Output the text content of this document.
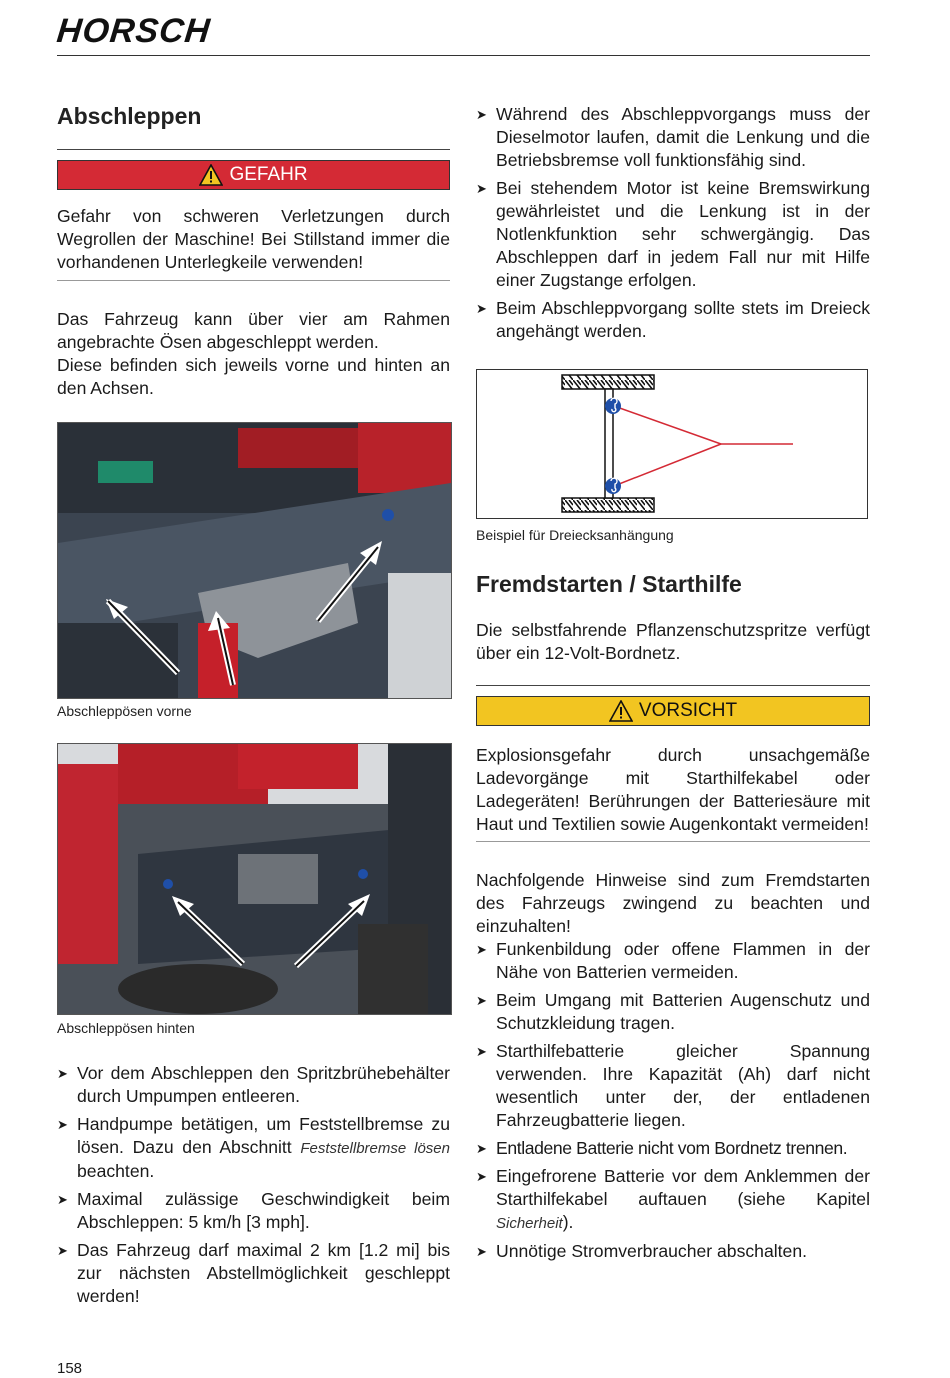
HORSCH
Abschleppen
GEFAHR
Gefahr von schweren Verletzungen durch Wegrollen der Maschine! Bei Stillstand immer die vorhandenen Unterlegkeile verwenden!
Das Fahrzeug kann über vier am Rahmen angebrachte Ösen abgeschleppt werden.
Diese befinden sich jeweils vorne und hinten an den Achsen.
Abschleppösen vorne
Abschleppösen hinten
➤ Vor dem Abschleppen den Spritzbrühebehälter durch Umpumpen entleeren.
➤ Handpumpe betätigen, um Feststellbremse zu lösen. Dazu den Abschnitt Feststellbremse lösen beachten.
➤ Maximal zulässige Geschwindigkeit beim Abschleppen: 5 km/h [3 mph].
➤ Das Fahrzeug darf maximal 2 km [1.2 mi] bis zur nächsten Abstellmöglichkeit geschleppt werden!
➤ Während des Abschleppvorgangs muss der Dieselmotor laufen, damit die Lenkung und die Betriebsbremse voll funktionsfähig sind.
➤ Bei stehendem Motor ist keine Bremswirkung gewährleistet und die Lenkung ist in der Notlenkfunktion sehr schwergängig. Das Abschleppen darf in jedem Fall nur mit Hilfe einer Zugstange erfolgen.
➤ Beim Abschleppvorgang sollte stets im Dreieck angehängt werden.
Beispiel für Dreiecksanhängung
Fremdstarten / Starthilfe
Die selbstfahrende Pflanzenschutzspritze verfügt über ein 12-Volt-Bordnetz.
VORSICHT
Explosionsgefahr durch unsachgemäße Ladevorgänge mit Starthilfekabel oder Ladegeräten! Berührungen der Batteriesäure mit Haut und Textilien sowie Augenkontakt vermeiden!
Nachfolgende Hinweise sind zum Fremdstarten des Fahrzeugs zwingend zu beachten und einzuhalten!
➤ Funkenbildung oder offene Flammen in der Nähe von Batterien vermeiden.
➤ Beim Umgang mit Batterien Augenschutz und Schutzkleidung tragen.
➤ Starthilfebatterie gleicher Spannung verwenden. Ihre Kapazität (Ah) darf nicht wesentlich unter der, der entladenen Fahrzeugbatterie liegen.
➤ Entladene Batterie nicht vom Bordnetz trennen.
➤ Eingefrorene Batterie vor dem Anklemmen der Starthilfekabel auftauen (siehe Kapitel Sicherheit).
➤ Unnötige Stromverbraucher abschalten.
158
